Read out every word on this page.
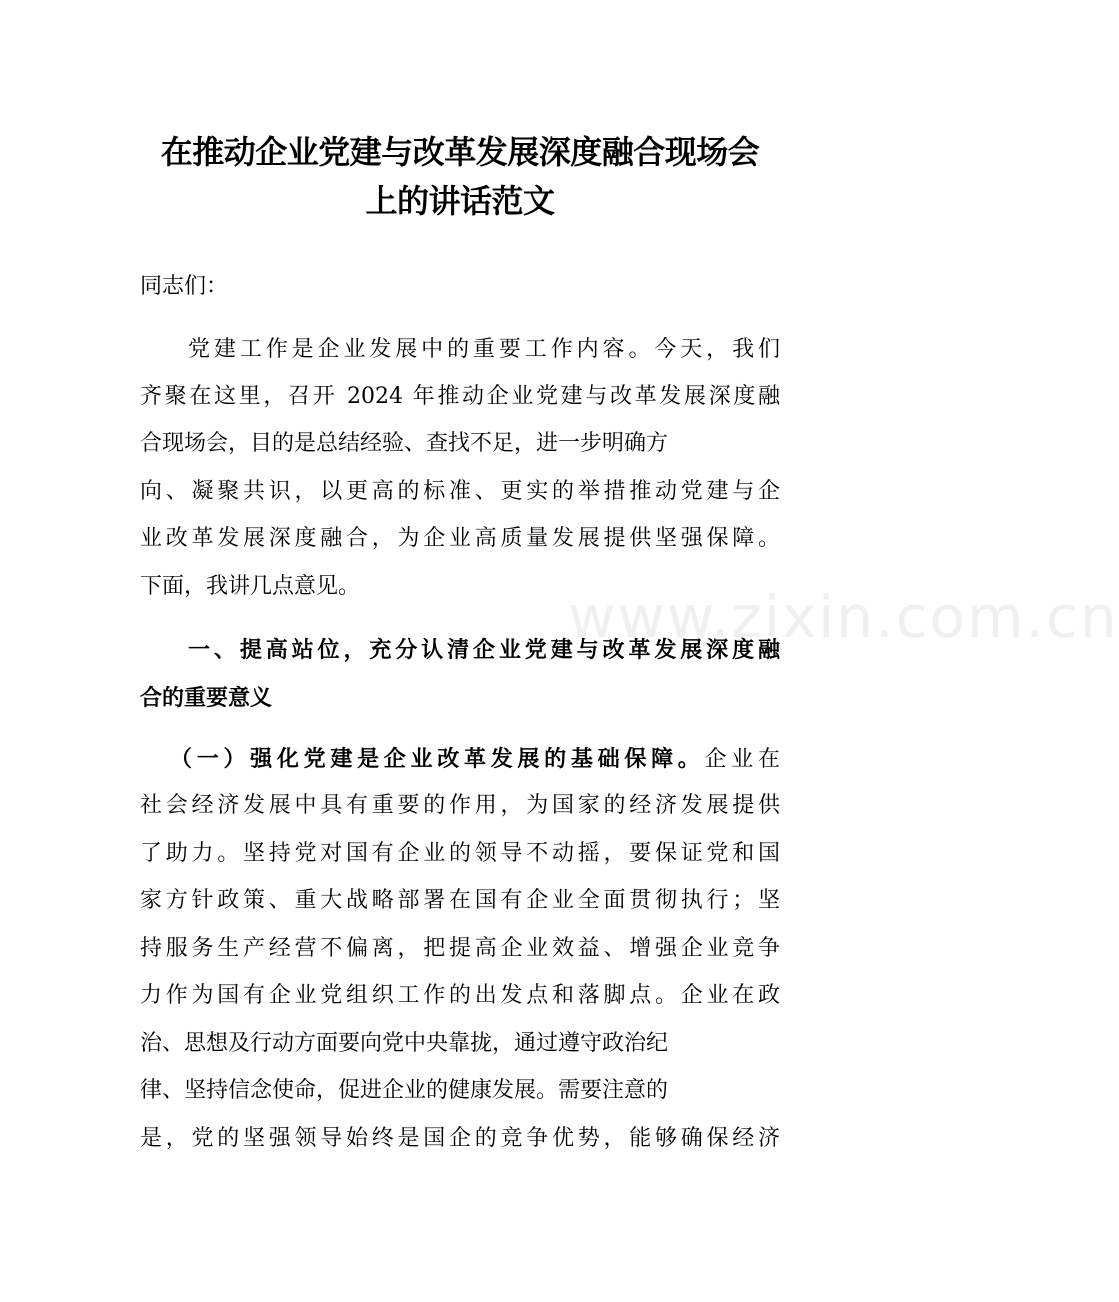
www.zixin.com.cn
在推动企业党建与改革发展深度融合现场会
上的讲话范文
同志们：
党建工作是企业发展中的重要工作内容。今天，我们
齐聚在这里，召开 2024 年推动企业党建与改革发展深度融
合现场会，目的是总结经验、查找不足，进一步明确方
向、凝聚共识，以更高的标准、更实的举措推动党建与企
业改革发展深度融合，为企业高质量发展提供坚强保障。
下面，我讲几点意见。
一、提高站位，充分认清企业党建与改革发展深度融
合的重要意义
（一）强化党建是企业改革发展的基础保障。企业在
社会经济发展中具有重要的作用，为国家的经济发展提供
了助力。坚持党对国有企业的领导不动摇，要保证党和国
家方针政策、重大战略部署在国有企业全面贯彻执行；坚
持服务生产经营不偏离，把提高企业效益、增强企业竞争
力作为国有企业党组织工作的出发点和落脚点。企业在政
治、思想及行动方面要向党中央靠拢，通过遵守政治纪
律、坚持信念使命，促进企业的健康发展。需要注意的
是，党的坚强领导始终是国企的竞争优势，能够确保经济
